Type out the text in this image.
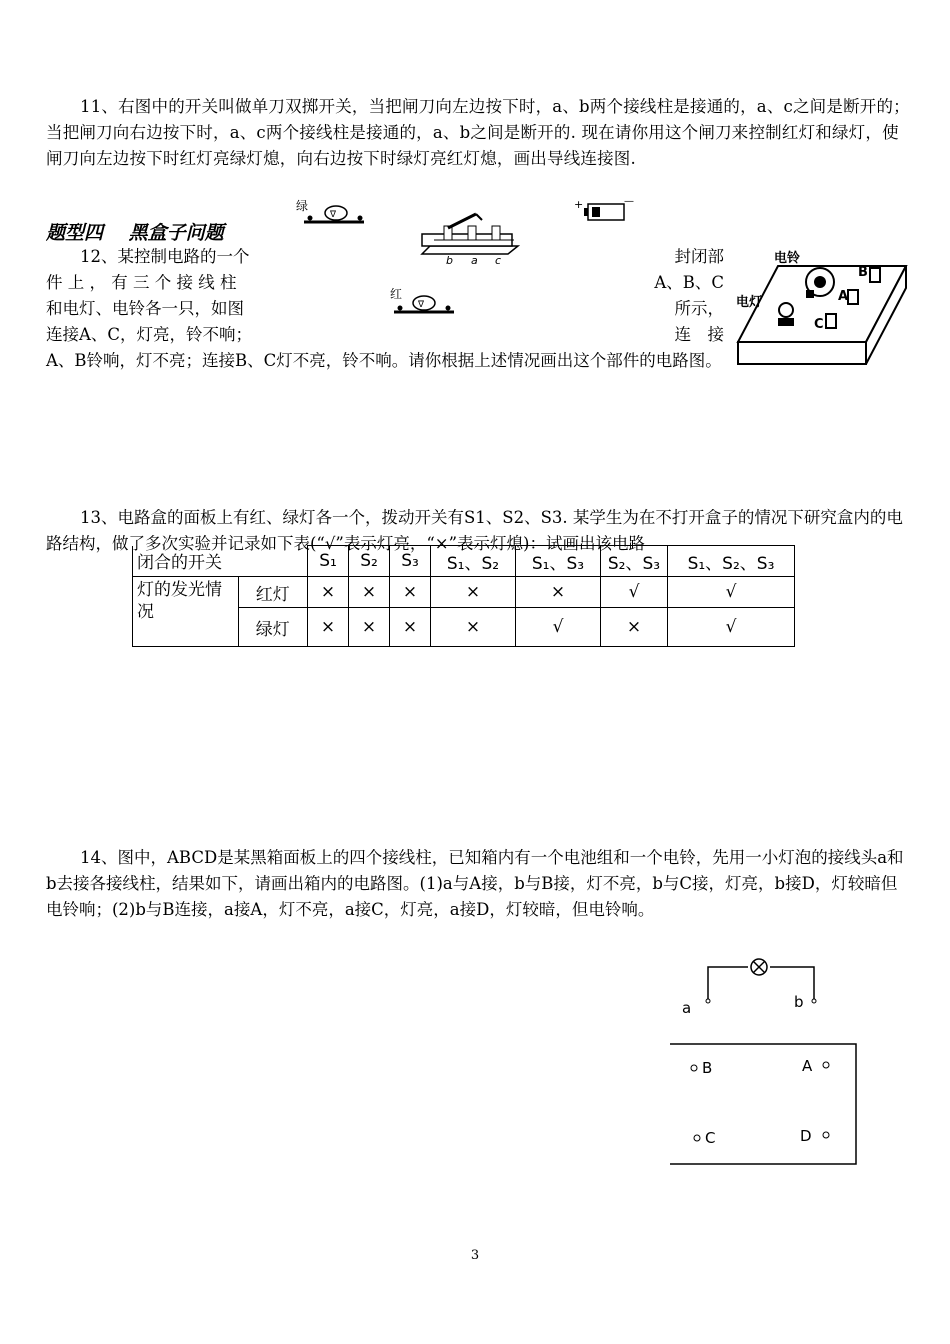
11、右图中的开关叫做单刀双掷开关，当把闸刀向左边按下时，a、b两个接线柱是接通的，a、c之间是断开的；当把闸刀向右边按下时，a、c两个接线柱是接通的，a、b之间是断开的. 现在请你用这个闸刀来控制红灯和绿灯，使闸刀向左边按下时红灯亮绿灯熄，向右边按下时绿灯亮红灯熄，画出导线连接图.
绿
∇
+	—
b a c
红
∇
题型四　 黑盒子问题
12、某控制电路的一个	封闭部
件 上 ， 有 三 个 接 线 柱	A、B、C
和电灯、电铃各一只，如图	所示，
连接A、C，灯亮，铃不响；	连　接
A、B铃响，灯不亮；连接B、C灯不亮，铃不响。请你根据上述情况画出这个部件的电路图。
电铃
电灯
B
A
C
13、电路盒的面板上有红、绿灯各一个，拨动开关有S1、S2、S3. 某学生为在不打开盒子的情况下研究盒内的电路结构，做了多次实验并记录如下表(“√”表示灯亮，“×”表示灯熄)：试画出该电路
闭合的开关		S₁	S₂	S₃	S₁、S₂	S₁、S₃	S₂、S₃	S₁、S₂、S₃
灯的发光情况	红灯	×	×	×	×	×	√	√
	绿灯	×	×	×	×	√	×	√
14、图中，ABCD是某黑箱面板上的四个接线柱，已知箱内有一个电池组和一个电铃，先用一小灯泡的接线头a和b去接各接线柱，结果如下，请画出箱内的电路图。(1)a与A接，b与B接，灯不亮，b与C接，灯亮，b接D，灯较暗但电铃响；(2)b与B连接，a接A，灯不亮，a接C，灯亮，a接D，灯较暗，但电铃响。
a	b
B	A
C	D
3
